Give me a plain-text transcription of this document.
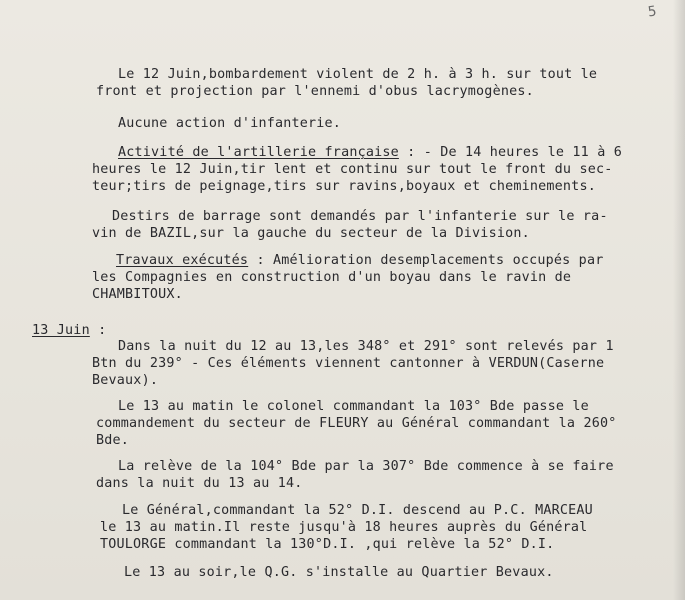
5
Le 12 Juin,bombardement violent de 2 h. à 3 h. sur tout le
front et projection par l'ennemi d'obus lacrymogènes.
Aucune action d'infanterie.
Activité de l'artillerie française : - De 14 heures le 11 à 6
heures le 12 Juin,tir lent et continu sur tout le front du sec-
teur;tirs de peignage,tirs sur ravins,boyaux et cheminements.
Destirs de barrage sont demandés par l'infanterie sur le ra-
vin de BAZIL,sur la gauche du secteur de la Division.
Travaux exécutés : Amélioration desemplacements occupés par
les Compagnies en construction d'un boyau dans le ravin de
CHAMBITOUX.
13 Juin :
Dans la nuit du 12 au 13,les 348° et 291° sont relevés par 1
Btn du 239° - Ces éléments viennent cantonner à VERDUN(Caserne
Bevaux).
Le 13 au matin le colonel commandant la 103° Bde passe le
commandement du secteur de FLEURY au Général commandant la 260°
Bde.
La relève de la 104° Bde par la 307° Bde commence à se faire
dans la nuit du 13 au 14.
Le Général,commandant la 52° D.I. descend au P.C. MARCEAU
le 13 au matin.Il reste jusqu'à 18 heures auprès du Général
TOULORGE commandant la 130°D.I. ,qui relève la 52° D.I.
Le 13 au soir,le Q.G. s'installe au Quartier Bevaux.
